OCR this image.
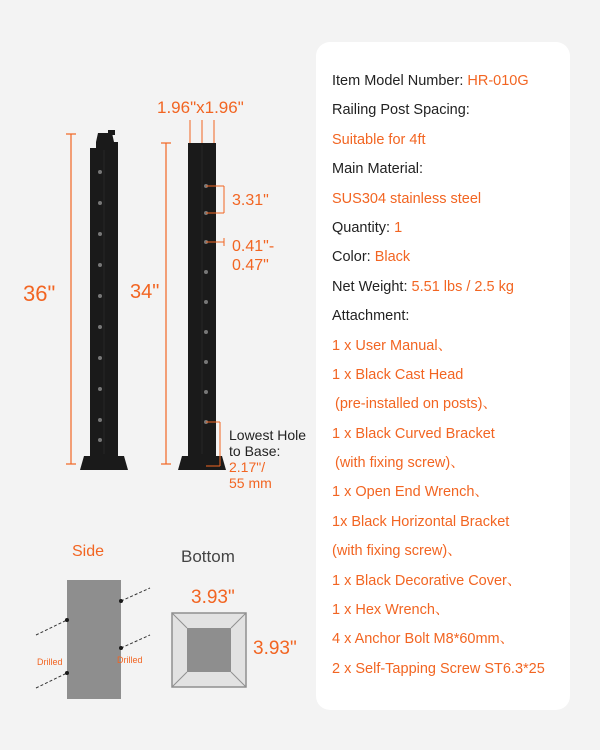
1.96"x1.96"
36"	34"
3.31"
0.41"-
0.47"
Lowest Hole
to Base:
2.17"/
55 mm
Side
Drilled	Drilled
Bottom
3.93"
3.93"
Item Model Number: HR-010G
Railing Post Spacing:
Suitable for 4ft
Main Material:
SUS304 stainless steel
Quantity: 1
Color: Black
Net Weight: 5.51 lbs / 2.5 kg
Attachment:
1 x User Manual、
1 x Black Cast Head
(pre-installed on posts)、
1 x Black Curved Bracket
(with fixing screw)、
1 x Open End Wrench、
1x Black Horizontal Bracket
(with fixing screw)、
1 x Black Decorative Cover、
1 x Hex Wrench、
4 x Anchor Bolt M8*60mm、
2 x Self-Tapping Screw ST6.3*25
